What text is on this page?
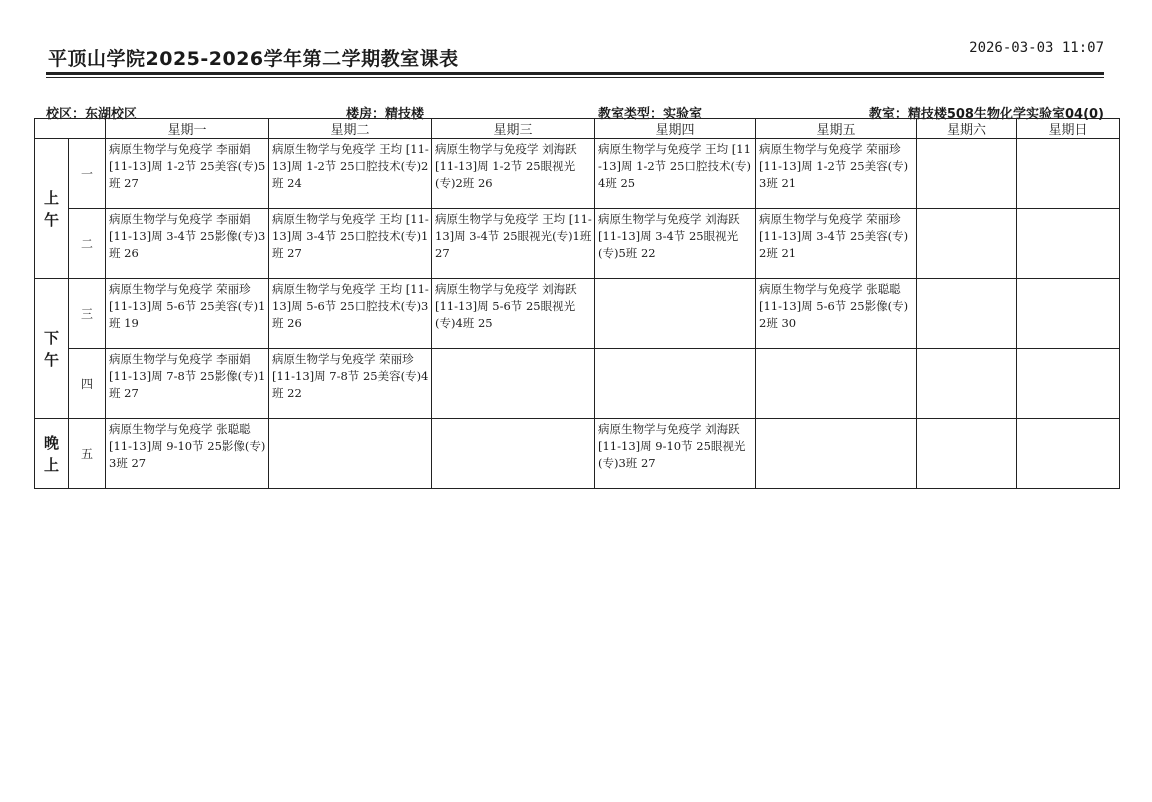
平顶山学院2025-2026学年第二学期教室课表	2026-03-03 11:07
校区：东湖校区	楼房：精技楼	教室类型：实验室	教室：精技楼508生物化学实验室04(0)
		星期一	星期二	星期三	星期四	星期五	星期六	星期日
上午	一	病原生物学与免疫学 李丽娟 [11-13]周 1-2节 25美容(专)5班 27	病原生物学与免疫学 王均 [11-13]周 1-2节 25口腔技术(专)2班 24	病原生物学与免疫学 刘海跃 [11-13]周 1-2节 25眼视光(专)2班 26	病原生物学与免疫学 王均 [11-13]周 1-2节 25口腔技术(专)4班 25	病原生物学与免疫学 荣丽珍 [11-13]周 1-2节 25美容(专)3班 21		
	二	病原生物学与免疫学 李丽娟 [11-13]周 3-4节 25影像(专)3班 26	病原生物学与免疫学 王均 [11-13]周 3-4节 25口腔技术(专)1班 27	病原生物学与免疫学 王均 [11-13]周 3-4节 25眼视光(专)1班 27	病原生物学与免疫学 刘海跃 [11-13]周 3-4节 25眼视光(专)5班 22	病原生物学与免疫学 荣丽珍 [11-13]周 3-4节 25美容(专)2班 21		
下午	三	病原生物学与免疫学 荣丽珍 [11-13]周 5-6节 25美容(专)1班 19	病原生物学与免疫学 王均 [11-13]周 5-6节 25口腔技术(专)3班 26	病原生物学与免疫学 刘海跃 [11-13]周 5-6节 25眼视光(专)4班 25		病原生物学与免疫学 张聪聪 [11-13]周 5-6节 25影像(专)2班 30		
	四	病原生物学与免疫学 李丽娟 [11-13]周 7-8节 25影像(专)1班 27	病原生物学与免疫学 荣丽珍 [11-13]周 7-8节 25美容(专)4班 22					
晚上	五	病原生物学与免疫学 张聪聪 [11-13]周 9-10节 25影像(专)3班 27			病原生物学与免疫学 刘海跃 [11-13]周 9-10节 25眼视光(专)3班 27			
